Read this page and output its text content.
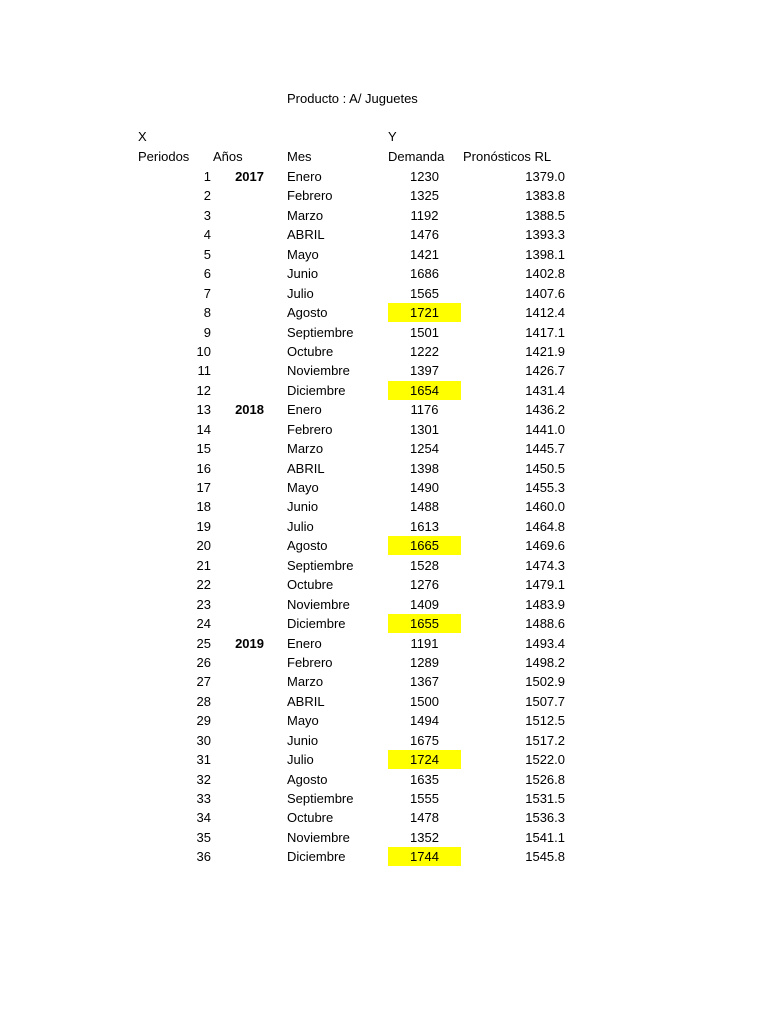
Producto : A/ Juguetes
X	Y
Periodos Años	Mes	Demanda Pronósticos RL
1	2017 Enero	1230	1379.0
2	Febrero	1325	1383.8
3	Marzo	1192	1388.5
4	ABRIL	1476	1393.3
5	Mayo	1421	1398.1
6	Junio	1686	1402.8
7	Julio	1565	1407.6
8	Agosto	1721	1412.4
9	Septiembre	1501	1417.1
10	Octubre	1222	1421.9
11	Noviembre	1397	1426.7
12	Diciembre	1654	1431.4
13	2018 Enero	1176	1436.2
14	Febrero	1301	1441.0
15	Marzo	1254	1445.7
16	ABRIL	1398	1450.5
17	Mayo	1490	1455.3
18	Junio	1488	1460.0
19	Julio	1613	1464.8
20	Agosto	1665	1469.6
21	Septiembre	1528	1474.3
22	Octubre	1276	1479.1
23	Noviembre	1409	1483.9
24	Diciembre	1655	1488.6
25	2019 Enero	1191	1493.4
26	Febrero	1289	1498.2
27	Marzo	1367	1502.9
28	ABRIL	1500	1507.7
29	Mayo	1494	1512.5
30	Junio	1675	1517.2
31	Julio	1724	1522.0
32	Agosto	1635	1526.8
33	Septiembre	1555	1531.5
34	Octubre	1478	1536.3
35	Noviembre	1352	1541.1
36	Diciembre	1744	1545.8
